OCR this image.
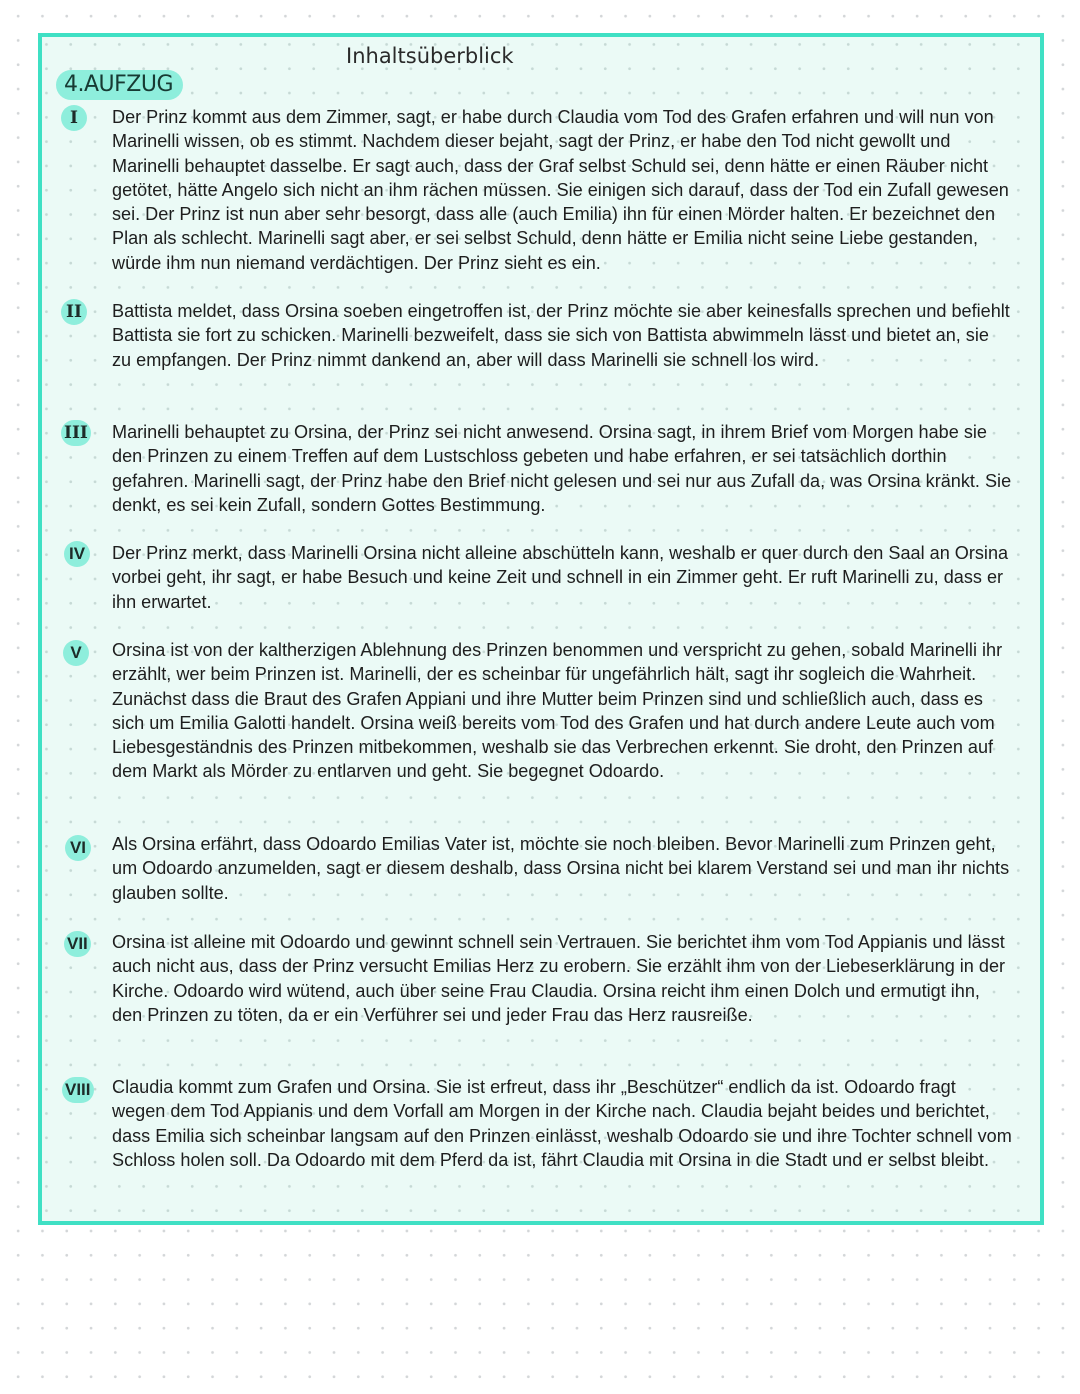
Inhaltsüberblick
4.AUFZUG
I	Der Prinz kommt aus dem Zimmer, sagt, er habe durch Claudia vom Tod des Grafen erfahren und will nun von Marinelli wissen, ob es stimmt. Nachdem dieser bejaht, sagt der Prinz, er habe den Tod nicht gewollt und Marinelli behauptet dasselbe. Er sagt auch, dass der Graf selbst Schuld sei, denn hätte er einen Räuber nicht getötet, hätte Angelo sich nicht an ihm rächen müssen. Sie einigen sich darauf, dass der Tod ein Zufall gewesen sei. Der Prinz ist nun aber sehr besorgt, dass alle (auch Emilia) ihn für einen Mörder halten. Er bezeichnet den Plan als schlecht. Marinelli sagt aber, er sei selbst Schuld, denn hätte er Emilia nicht seine Liebe gestanden, würde ihm nun niemand verdächtigen. Der Prinz sieht es ein.

II Battista meldet, dass Orsina soeben eingetroffen ist, der Prinz möchte sie aber keinesfalls sprechen und befiehlt Battista sie fort zu schicken. Marinelli bezweifelt, dass sie sich von Battista abwimmeln lässt und bietet an, sie zu empfangen. Der Prinz nimmt dankend an, aber will dass Marinelli sie schnell los wird.

III Marinelli behauptet zu Orsina, der Prinz sei nicht anwesend. Orsina sagt, in ihrem Brief vom Morgen habe sie den Prinzen zu einem Treffen auf dem Lustschloss gebeten und habe erfahren, er sei tatsächlich dorthin gefahren. Marinelli sagt, der Prinz habe den Brief nicht gelesen und sei nur aus Zufall da, was Orsina kränkt. Sie denkt, es sei kein Zufall, sondern Gottes Bestimmung.

IV Der Prinz merkt, dass Marinelli Orsina nicht alleine abschütteln kann, weshalb er quer durch den Saal an Orsina vorbei geht, ihr sagt, er habe Besuch und keine Zeit und schnell in ein Zimmer geht. Er ruft Marinelli zu, dass er ihn erwartet.

V	Orsina ist von der kaltherzigen Ablehnung des Prinzen benommen und verspricht zu gehen, sobald Marinelli ihr erzählt, wer beim Prinzen ist. Marinelli, der es scheinbar für ungefährlich hält, sagt ihr sogleich die Wahrheit. Zunächst dass die Braut des Grafen Appiani und ihre Mutter beim Prinzen sind und schließlich auch, dass es sich um Emilia Galotti handelt. Orsina weiß bereits vom Tod des Grafen und hat durch andere Leute auch vom Liebesgeständnis des Prinzen mitbekommen, weshalb sie das Verbrechen erkennt. Sie droht, den Prinzen auf dem Markt als Mörder zu entlarven und geht. Sie begegnet Odoardo.

VI Als Orsina erfährt, dass Odoardo Emilias Vater ist, möchte sie noch bleiben. Bevor Marinelli zum Prinzen geht, um Odoardo anzumelden, sagt er diesem deshalb, dass Orsina nicht bei klarem Verstand sei und man ihr nichts glauben sollte.

VII Orsina ist alleine mit Odoardo und gewinnt schnell sein Vertrauen. Sie berichtet ihm vom Tod Appianis und lässt auch nicht aus, dass der Prinz versucht Emilias Herz zu erobern. Sie erzählt ihm von der Liebeserklärung in der Kirche. Odoardo wird wütend, auch über seine Frau Claudia. Orsina reicht ihm einen Dolch und ermutigt ihn, den Prinzen zu töten, da er ein Verführer sei und jeder Frau das Herz rausreiße.

VIII Claudia kommt zum Grafen und Orsina. Sie ist erfreut, dass ihr „Beschützer“ endlich da ist. Odoardo fragt wegen dem Tod Appianis und dem Vorfall am Morgen in der Kirche nach. Claudia bejaht beides und berichtet, dass Emilia sich scheinbar langsam auf den Prinzen einlässt, weshalb Odoardo sie und ihre Tochter schnell vom Schloss holen soll. Da Odoardo mit dem Pferd da ist, fährt Claudia mit Orsina in die Stadt und er selbst bleibt.
